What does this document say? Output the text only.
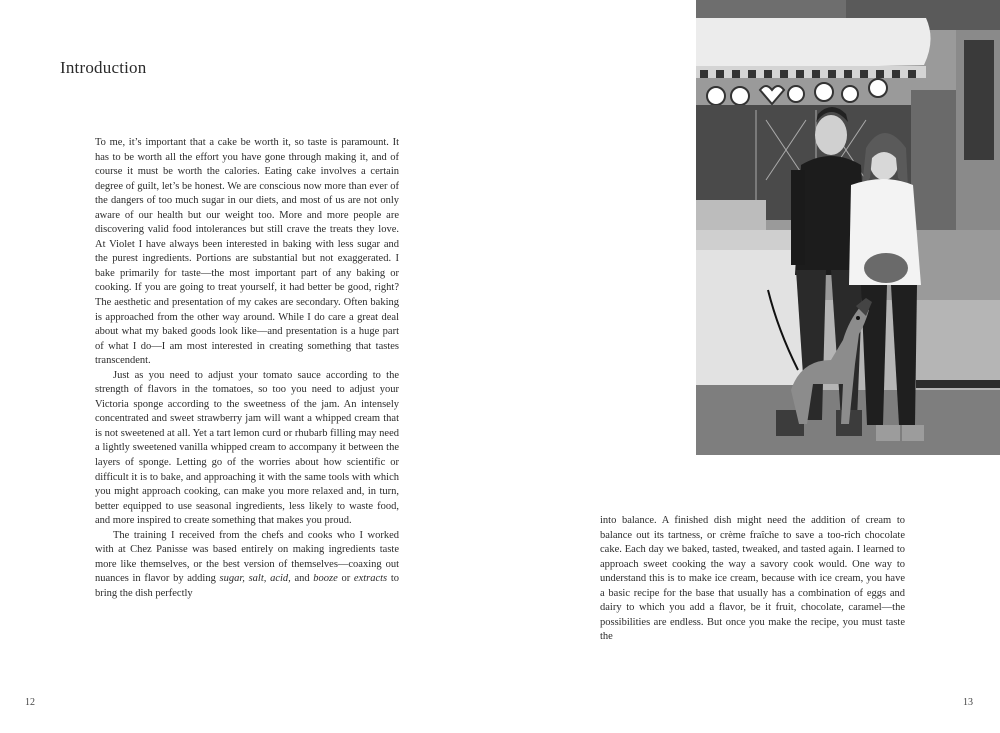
Introduction

To me, it’s important that a cake be worth it, so taste is paramount. It has to be worth all the effort you have gone through making it, and of course it must be worth the calories. Eating cake involves a certain degree of guilt, let’s be honest. We are conscious now more than ever of the dangers of too much sugar in our diets, and most of us are not only aware of our health but our weight too. More and more people are discovering valid food intolerances but still crave the treats they love. At Violet I have always been interested in baking with less sugar and the purest ingredients. Portions are substantial but not exaggerated. I bake primarily for taste—the most important part of any baking or cooking. If you are going to treat yourself, it had better be good, right? The aesthetic and presentation of my cakes are secondary. Often baking is approached from the other way around. While I do care a great deal about what my baked goods look like—and presentation is a huge part of what I do—I am most interested in creating something that tastes transcendent.

Just as you need to adjust your tomato sauce according to the strength of flavors in the tomatoes, so too you need to adjust your Victoria sponge according to the sweetness of the jam. An intensely concentrated and sweet strawberry jam will want a whipped cream that is not sweetened at all. Yet a tart lemon curd or rhubarb filling may need a lightly sweetened vanilla whipped cream to accompany it between the layers of sponge. Letting go of the worries about how scientific or difficult it is to bake, and approaching it with the same tools with which you might approach cooking, can make you more relaxed and, in turn, better equipped to use seasonal ingredients, less likely to waste food, and more inspired to create something that makes you proud.

The training I received from the chefs and cooks who I worked with at Chez Panisse was based entirely on making ingredients taste more like themselves, or the best version of themselves—coaxing out nuances in flavor by adding sugar, salt, acid, and booze or extracts to bring the dish perfectly

into balance. A finished dish might need the addition of cream to balance out its tartness, or crème fraîche to save a too-rich chocolate cake. Each day we baked, tasted, tweaked, and tasted again. I learned to approach sweet cooking the way a savory cook would. One way to understand this is to make ice cream, because with ice cream, you have a basic recipe for the base that usually has a combination of eggs and dairy to which you add a flavor, be it fruit, chocolate, caramel—the possibilities are endless. But once you make the recipe, you must taste the

12	13
